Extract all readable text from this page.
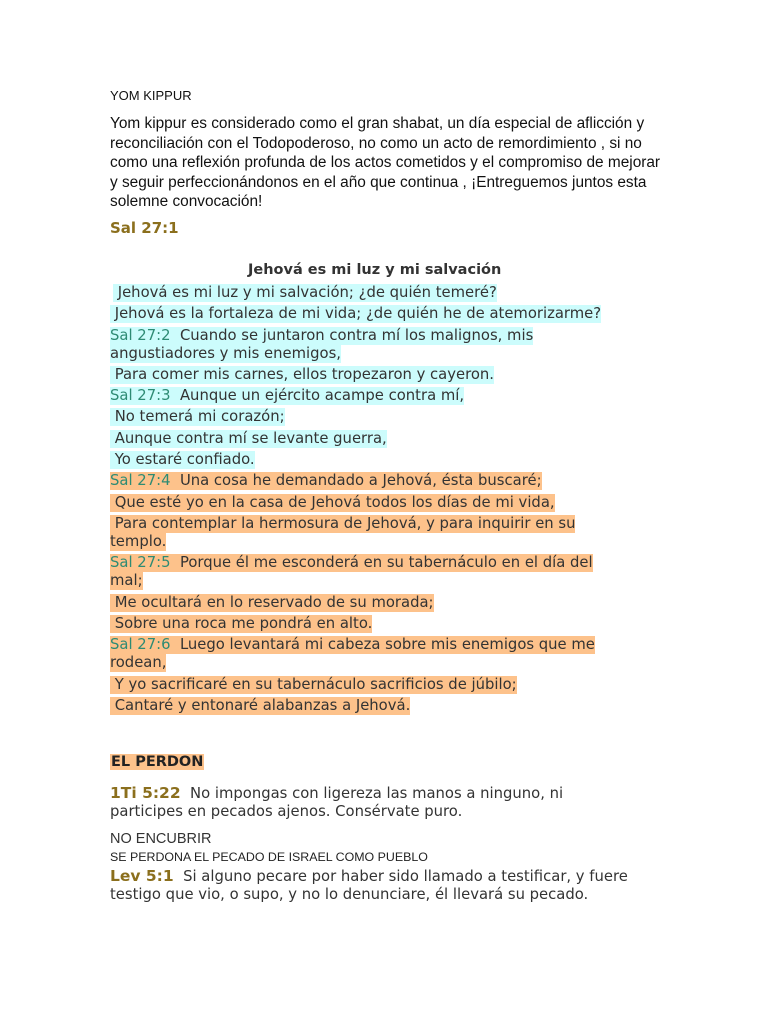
YOM KIPPUR
Yom kippur es considerado como el gran shabat, un día especial de aflicción y reconciliación con el Todopoderoso, no como un acto de remordimiento , si no como una reflexión profunda de los actos cometidos y el compromiso de mejorar y seguir perfeccionándonos en el año que continua , ¡Entreguemos juntos esta solemne convocación!
Sal 27:1
Jehová es mi luz y mi salvación
Jehová es mi luz y mi salvación; ¿de quién temeré?
Jehová es la fortaleza de mi vida; ¿de quién he de atemorizarme?
Sal 27:2 Cuando se juntaron contra mí los malignos, mis
angustiadores y mis enemigos,
Para comer mis carnes, ellos tropezaron y cayeron.
Sal 27:3 Aunque un ejército acampe contra mí,
No temerá mi corazón;
Aunque contra mí se levante guerra,
Yo estaré confiado.
Sal 27:4 Una cosa he demandado a Jehová, ésta buscaré;
Que esté yo en la casa de Jehová todos los días de mi vida,
Para contemplar la hermosura de Jehová, y para inquirir en su
templo.
Sal 27:5 Porque él me esconderá en su tabernáculo en el día del
mal;
Me ocultará en lo reservado de su morada;
Sobre una roca me pondrá en alto.
Sal 27:6 Luego levantará mi cabeza sobre mis enemigos que me
rodean,
Y yo sacrificaré en su tabernáculo sacrificios de júbilo;
Cantaré y entonaré alabanzas a Jehová.
EL PERDON
1Ti 5:22 No impongas con ligereza las manos a ninguno, ni
participes en pecados ajenos. Consérvate puro.
NO ENCUBRIR
SE PERDONA EL PECADO DE ISRAEL COMO PUEBLO
Lev 5:1 Si alguno pecare por haber sido llamado a testificar, y fuere
testigo que vio, o supo, y no lo denunciare, él llevará su pecado.
